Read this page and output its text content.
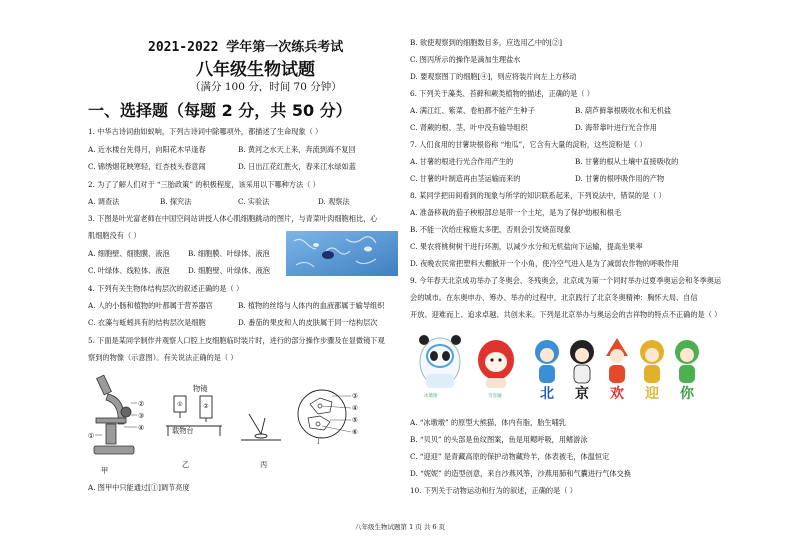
2021-2022 学年第一次练兵考试
八年级生物试题
（满分 100 分，时间 70 分钟）
一、选择题（每题 2 分，共 50 分）
1. 中华古诗词曲如蚁响，下列古诗词中除哪项外，都描述了生命现象（ ）
A. 近水楼台先得月，向阳花木早逢春	B. 黄河之水天上来，奔流到海不复回
C. 锦绣烟花映寒轻，红杏枝头春意闹	D. 日出江花红胜火，春来江水绿如蓝
2. 为了了解人们对于 “三胎政策” 的积极程度，该采用以下哪种方法（ ）
A. 调查法	B. 探究法	C. 实验法	D. 观察法
3. 下图是叶光富老师在中国空间站讲授人体心肌细胞跳动的图片，与青菜叶肉细胞相比，心
肌细胞没有（ ）
A. 细胞壁、细胞膜、液泡	B. 细胞膜、叶绿体、液泡
C. 叶绿体、线粒体、液泡	D. 细胞壁、叶绿体、液泡
4. 下列有关生物体结构层次的叙述正确的是（ ）
A. 人的小肠和植物的叶都属于营养器官	B. 植物的丝络与人体内的血液都属于输导组织
C. 衣藻与蚯蚓具有的结构层次是细胞	D. 番茄的果皮和人的皮肤属于同一结构层次
5. 下面是某同学制作并观察人口腔上皮细胞临时装片时，进行的部分操作步骤及在显微镜下观
察到的物像（示意图）。有关说法正确的是（ ）
②
③
④
①
甲
①	②
物镜
载物台
乙	丙
③
④
⑤
⑥
丁
A. 图甲中只能通过[①]调节亮度
B. 欲使观察到的细胞数目多，应选用乙中的[②]
C. 图丙所示的操作是滴加生理盐水
D. 要观察图丁的细胞[④]，则应将装片向左上方移动
6. 下列关于藻类、苔藓和蕨类植物的描述，正确的是（ ）
A. 满江红、紫菜、卷柏都不能产生种子	B. 葫芦藓靠根吸收水和无机盐
C. 肾蕨的根、茎、叶中没有输导组织	D. 海带靠叶进行光合作用
7. 人们食用的甘薯块根俗称 “地瓜”，它含有大量的淀粉，这些淀粉是（ ）
A. 甘薯的根进行光合作用产生的	B. 甘薯的根从土壤中直接吸收的
C. 甘薯的叶制造再由茎运输而来的	D. 甘薯的根呼吸作用的产物
8. 某同学把田间看到的现象与所学的知识联系起来，下列说法中，错误的是（ ）
A. 准备移栽的茄子秧根部总是带一个土坨，是为了保护幼根和根毛
B. 不能一次给庄稼施太多肥，否则会引发烧苗现象
C. 果农将桃树树干进行环割，以减少水分和无机盐向下运输，提高坐果率
D. 夜晚农民常把塑料大棚掀开一个小角，使冷空气进入是为了减弱农作物的呼吸作用
9. 今年春天北京成功举办了冬奥会、冬残奥会，北京成为第一个同时举办过夏季奥运会和冬季奥运
会的城市。在东奥申办、筹办、举办的过程中，北京践行了北京冬奥精神：胸怀大局、自信
开放、迎难而上、追求卓越、共创未来。下列是北京举办与奥运会的吉祥物的特点不正确的是（ ）
冰墩墩	雪容融	北 京 欢 迎 你
A. “冰墩墩” 的原型大熊猫，体内有脂，胎生哺乳
B. “贝贝” 的头部是鱼纹图案，鱼是用鳃呼吸，用鳍游泳
C. “迎迎” 是青藏高原的保护动物藏羚羊，体表被毛，体温恒定
D. “妮妮” 的造型创意，来自沙燕风筝，沙燕用肺和气囊进行气体交换
10. 下列关于动物运动和行为的叙述，正确的是（ ）
八年级生物试题第 1 页 共 6 页
